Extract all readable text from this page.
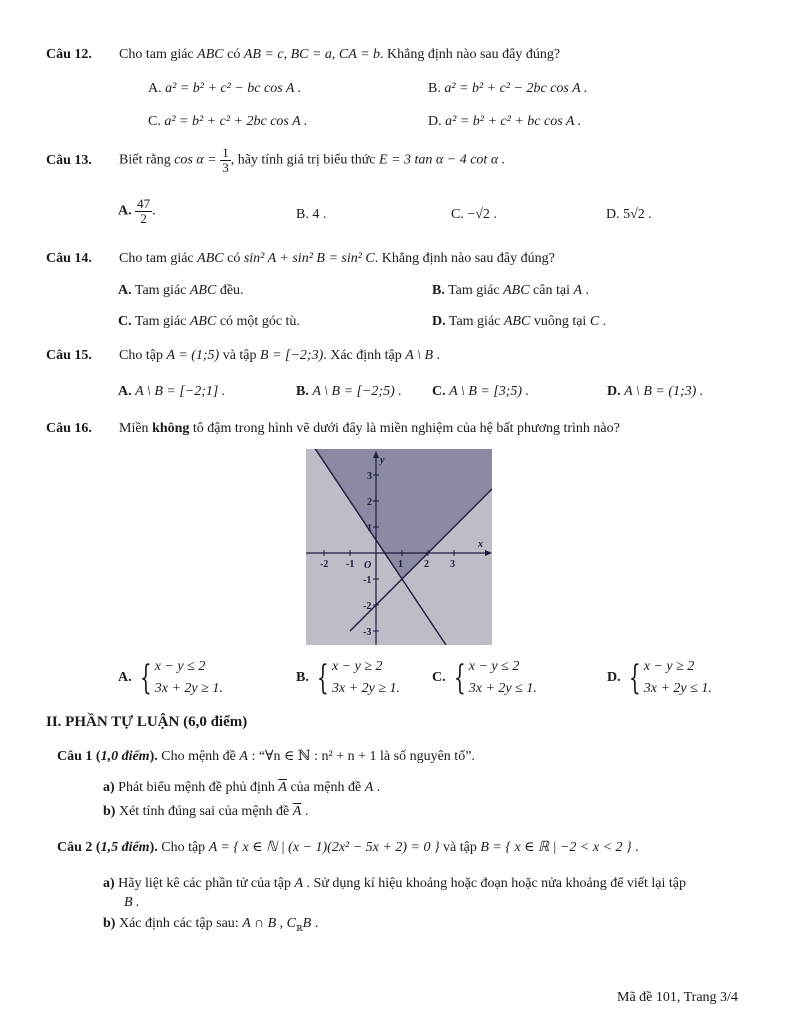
Câu 12. Cho tam giác ABC có AB = c, BC = a, CA = b. Khẳng định nào sau đây đúng?
A. a² = b² + c² − bc cos A .	B. a² = b² + c² − 2bc cos A .
C. a² = b² + c² + 2bc cos A .	D. a² = b² + c² + bc cos A .
Câu 13. Biết rằng $\cos \alpha = \frac{1}{3}$ , hãy tính giá trị biểu thức E = 3 tan α − 4 cot α .
A. $\frac{47}{2}$ .	B. 4 .	C. −√2 .	D. 5√2 .
Câu 14. Cho tam giác ABC có sin² A + sin² B = sin² C. Khẳng định nào sau đây đúng?
A. Tam giác ABC đều.	B. Tam giác ABC cân tại A .
C. Tam giác ABC có một góc tù.	D. Tam giác ABC vuông tại C .
Câu 15. Cho tập A = (1;5) và tập B = [−2;3). Xác định tập A \ B .
A. A \ B = [−2;1] .	B. A \ B = [−2;5) . C. A \ B = [3;5) .	D. A \ B = (1;3) .
Câu 16. Miền không tô đậm trong hình vẽ dưới đây là miền nghiệm của hệ bất phương trình nào?
-2 -1	1 2 3
3
2
1
-1
-2
-3
x
y
O
A. { x − y ≤ 2
3x + 2y ≥ 1.
B. { x − y ≥ 2
3x + 2y ≥ 1.
C. { x − y ≤ 2
3x + 2y ≤ 1.
D. { x − y ≥ 2
3x + 2y ≤ 1.
II. PHẦN TỰ LUẬN (6,0 điểm)
Câu 1 (1,0 điểm). Cho mệnh đề A : “∀n ∈ ℕ : n² + n + 1 là số nguyên tố”.
a) Phát biểu mệnh đề phủ định $\overline{A}$ của mệnh đề A .
b) Xét tính đúng sai của mệnh đề $\overline{A}$ .
Câu 2 (1,5 điểm). Cho tập A = { x ∈ ℕ | (x − 1)(2x² − 5x + 2) = 0 } và tập B = { x ∈ ℝ | −2 < x < 2 } .
a) Hãy liệt kê các phần tử của tập A . Sử dụng kí hiệu khoảng hoặc đoạn hoặc nửa khoảng để viết lại tập
B .
b) Xác định các tập sau: A ∩ B , $C_ℝB$ .
Mã đề 101, Trang 3/4
